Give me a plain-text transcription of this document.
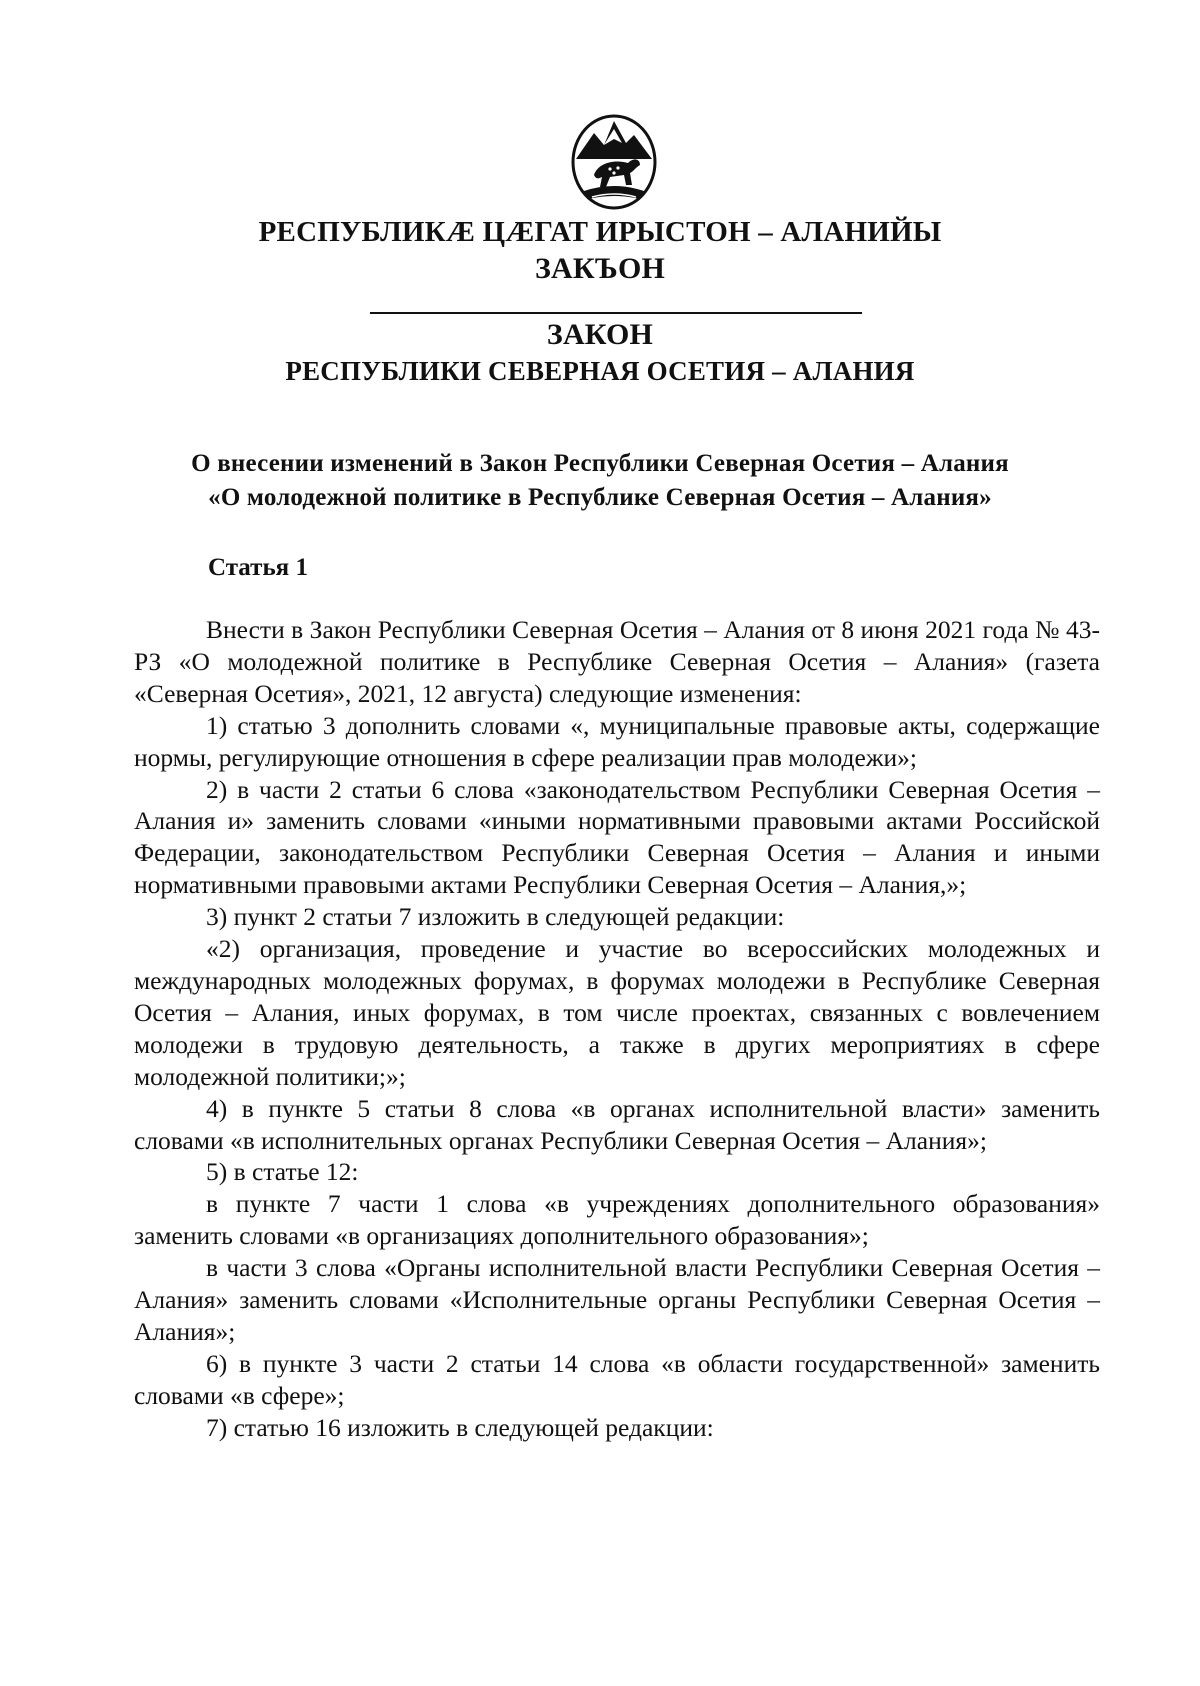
РЕСПУБЛИКӔ ЦӔГАТ ИРЫСТОН – АЛАНИЙЫ

ЗАКЪОН

ЗАКОН

РЕСПУБЛИКИ СЕВЕРНАЯ ОСЕТИЯ – АЛАНИЯ

О внесении изменений в Закон Республики Северная Осетия – Алания

«О молодежной политике в Республике Северная Осетия – Алания»

Статья 1

Внести в Закон Республики Северная Осетия – Алания от 8 июня 2021 года № 43-РЗ «О молодежной политике в Республике Северная Осетия – Алания» (газета «Северная Осетия», 2021, 12 августа) следующие изменения:

1) статью 3 дополнить словами «, муниципальные правовые акты, содержащие нормы, регулирующие отношения в сфере реализации прав молодежи»;

2) в части 2 статьи 6 слова «законодательством Республики Северная Осетия – Алания и» заменить словами «иными нормативными правовыми актами Российской Федерации, законодательством Республики Северная Осетия – Алания и иными нормативными правовыми актами Республики Северная Осетия – Алания,»;

3) пункт 2 статьи 7 изложить в следующей редакции:

«2) организация, проведение и участие во всероссийских молодежных и международных молодежных форумах, в форумах молодежи в Республике Северная Осетия – Алания, иных форумах, в том числе проектах, связанных с вовлечением молодежи в трудовую деятельность, а также в других мероприятиях в сфере молодежной политики;»;

4) в пункте 5 статьи 8 слова «в органах исполнительной власти» заменить словами «в исполнительных органах Республики Северная Осетия – Алания»;

5) в статье 12:

в пункте 7 части 1 слова «в учреждениях дополнительного образования» заменить словами «в организациях дополнительного образования»;

в части 3 слова «Органы исполнительной власти Республики Северная Осетия – Алания» заменить словами «Исполнительные органы Республики Северная Осетия – Алания»;

6) в пункте 3 части 2 статьи 14 слова «в области государственной» заменить словами «в сфере»;

7) статью 16 изложить в следующей редакции:
